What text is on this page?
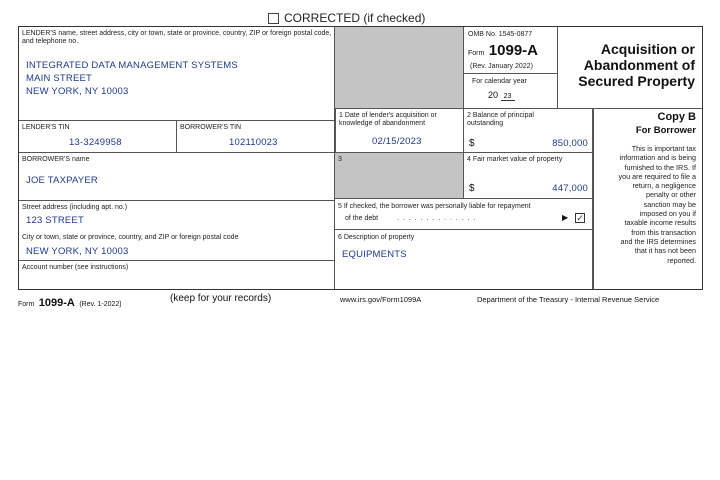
CORRECTED (if checked)
LENDER'S name, street address, city or town, state or province, country, ZIP or foreign postal code, and telephone no.
INTEGRATED DATA MANAGEMENT SYSTEMS
MAIN STREET
NEW YORK, NY 10003
OMB No. 1545-0877
Form 1099-A
(Rev. January 2022)
For calendar year
20 23
Acquisition or
Abandonment of
Secured Property
Copy B
For Borrower
This is important tax
information and is being
furnished to the IRS. If
you are required to file a
return, a negligence
penalty or other
sanction may be
imposed on you if
taxable income results
from this transaction
and the IRS determines
that it has not been
reported.
1 Date of lender's acquisition or knowledge of abandonment
02/15/2023
2 Balance of principal outstanding
$	850,000
LENDER'S TIN
13-3249958
BORROWER'S TIN
102110023
BORROWER'S name
JOE TAXPAYER
Street address (including apt. no.)
123 STREET
City or town, state or province, country, and ZIP or foreign postal code
NEW YORK, NY 10003
Account number (see instructions)
3	4 Fair market value of property
$	447,000
5 If checked, the borrower was personally liable for repayment
of the debt	. . . . . . . . . . . . . .	▶ ✓
6 Description of property
EQUIPMENTS
Form 1099-A (Rev. 1-2022)
(keep for your records)	www.irs.gov/Form1099A	Department of the Treasury - Internal Revenue Service
